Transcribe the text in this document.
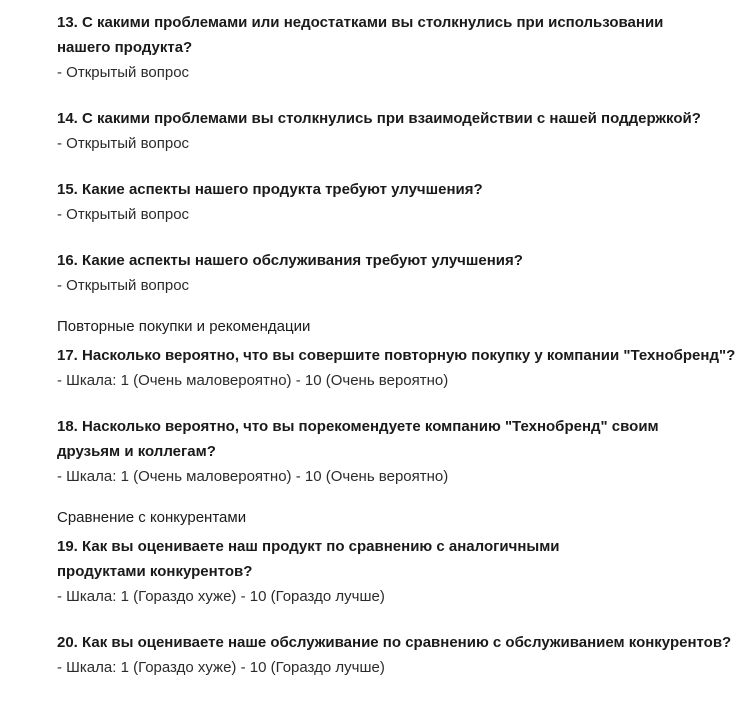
13. С какими проблемами или недостатками вы столкнулись при использовании нашего продукта?

- Открытый вопрос

14. С какими проблемами вы столкнулись при взаимодействии с нашей поддержкой?

- Открытый вопрос

15. Какие аспекты нашего продукта требуют улучшения?

- Открытый вопрос

16. Какие аспекты нашего обслуживания требуют улучшения?

- Открытый вопрос

Повторные покупки и рекомендации

17. Насколько вероятно, что вы совершите повторную покупку у компании "Технобренд"?

- Шкала: 1 (Очень маловероятно) - 10 (Очень вероятно)

18. Насколько вероятно, что вы порекомендуете компанию "Технобренд" своим друзьям и коллегам?

- Шкала: 1 (Очень маловероятно) - 10 (Очень вероятно)

Сравнение с конкурентами

19. Как вы оцениваете наш продукт по сравнению с аналогичными продуктами конкурентов?

- Шкала: 1 (Гораздо хуже) - 10 (Гораздо лучше)

20. Как вы оцениваете наше обслуживание по сравнению с обслуживанием конкурентов?

- Шкала: 1 (Гораздо хуже) - 10 (Гораздо лучше)
